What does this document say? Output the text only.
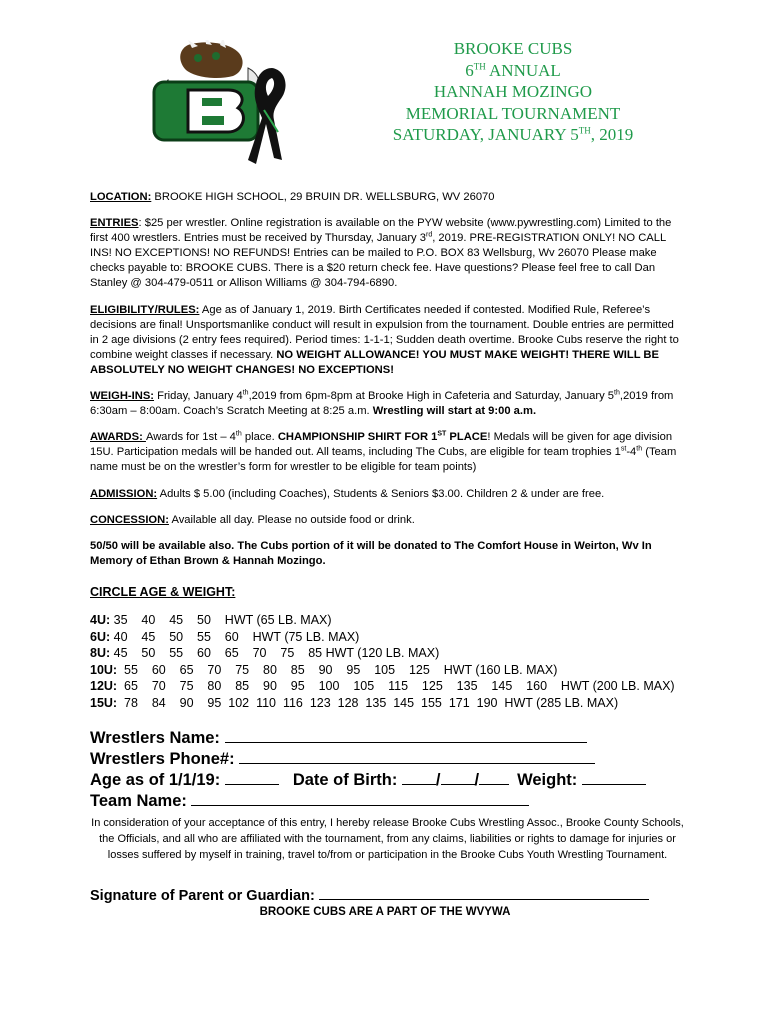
BROOKE CUBS
6TH ANNUAL
HANNAH MOZINGO
MEMORIAL TOURNAMENT
SATURDAY, JANUARY 5TH, 2019

LOCATION: BROOKE HIGH SCHOOL, 29 BRUIN DR. WELLSBURG, WV 26070

ENTRIES: $25 per wrestler. Online registration is available on the PYW website (www.pywrestling.com) Limited to the first 400 wrestlers. Entries must be received by Thursday, January 3rd, 2019. PRE-REGISTRATION ONLY! NO CALL INS! NO EXCEPTIONS! NO REFUNDS! Entries can be mailed to P.O. BOX 83 Wellsburg, Wv 26070 Please make checks payable to: BROOKE CUBS. There is a $20 return check fee. Have questions? Please feel free to call Dan Stanley @ 304-479-0511 or Allison Williams @ 304-794-6890.

ELIGIBILITY/RULES: Age as of January 1, 2019. Birth Certificates needed if contested. Modified Rule, Referee’s decisions are final! Unsportsmanlike conduct will result in expulsion from the tournament. Double entries are permitted in 2 age divisions (2 entry fees required). Period times: 1-1-1; Sudden death overtime. Brooke Cubs reserve the right to combine weight classes if necessary. NO WEIGHT ALLOWANCE! YOU MUST MAKE WEIGHT! THERE WILL BE ABSOLUTELY NO WEIGHT CHANGES! NO EXCEPTIONS!

WEIGH-INS: Friday, January 4th,2019 from 6pm-8pm at Brooke High in Cafeteria and Saturday, January 5th,2019 from 6:30am – 8:00am. Coach’s Scratch Meeting at 8:25 a.m. Wrestling will start at 9:00 a.m.

AWARDS: Awards for 1st – 4th place. CHAMPIONSHIP SHIRT FOR 1ST PLACE! Medals will be given for age division 15U. Participation medals will be handed out. All teams, including The Cubs, are eligible for team trophies 1st-4th (Team name must be on the wrestler’s form for wrestler to be eligible for team points)

ADMISSION: Adults $ 5.00 (including Coaches), Students & Seniors $3.00. Children 2 & under are free.

CONCESSION: Available all day. Please no outside food or drink.

50/50 will be available also. The Cubs portion of it will be donated to The Comfort House in Weirton, Wv In Memory of Ethan Brown & Hannah Mozingo.

CIRCLE AGE & WEIGHT:

4U: 35    40    45    50    HWT (65 LB. MAX)
6U: 40    45    50    55    60    HWT (75 LB. MAX)
8U: 45    50    55    60    65    70    75    85 HWT (120 LB. MAX)
10U:  55    60    65    70    75    80    85    90    95    105    125    HWT (160 LB. MAX)
12U:  65    70    75    80    85    90    95    100    105    115    125    135    145    160    HWT (200 LB. MAX)
15U:  78    84    90    95  102  110  116  123  128  135  145  155  171  190  HWT (285 LB. MAX)
Wrestlers Name:
Wrestlers Phone#:
Age as of 1/1/19:	Date of Birth: / / Weight:
Team Name:
In consideration of your acceptance of this entry, I hereby release Brooke Cubs Wrestling Assoc., Brooke County Schools, the Officials, and all who are affiliated with the tournament, from any claims, liabilities or rights to damage for injuries or losses suffered by myself in training, travel to/from or participation in the Brooke Cubs Youth Wrestling Tournament.
Signature of Parent or Guardian:
BROOKE CUBS ARE A PART OF THE WVYWA
